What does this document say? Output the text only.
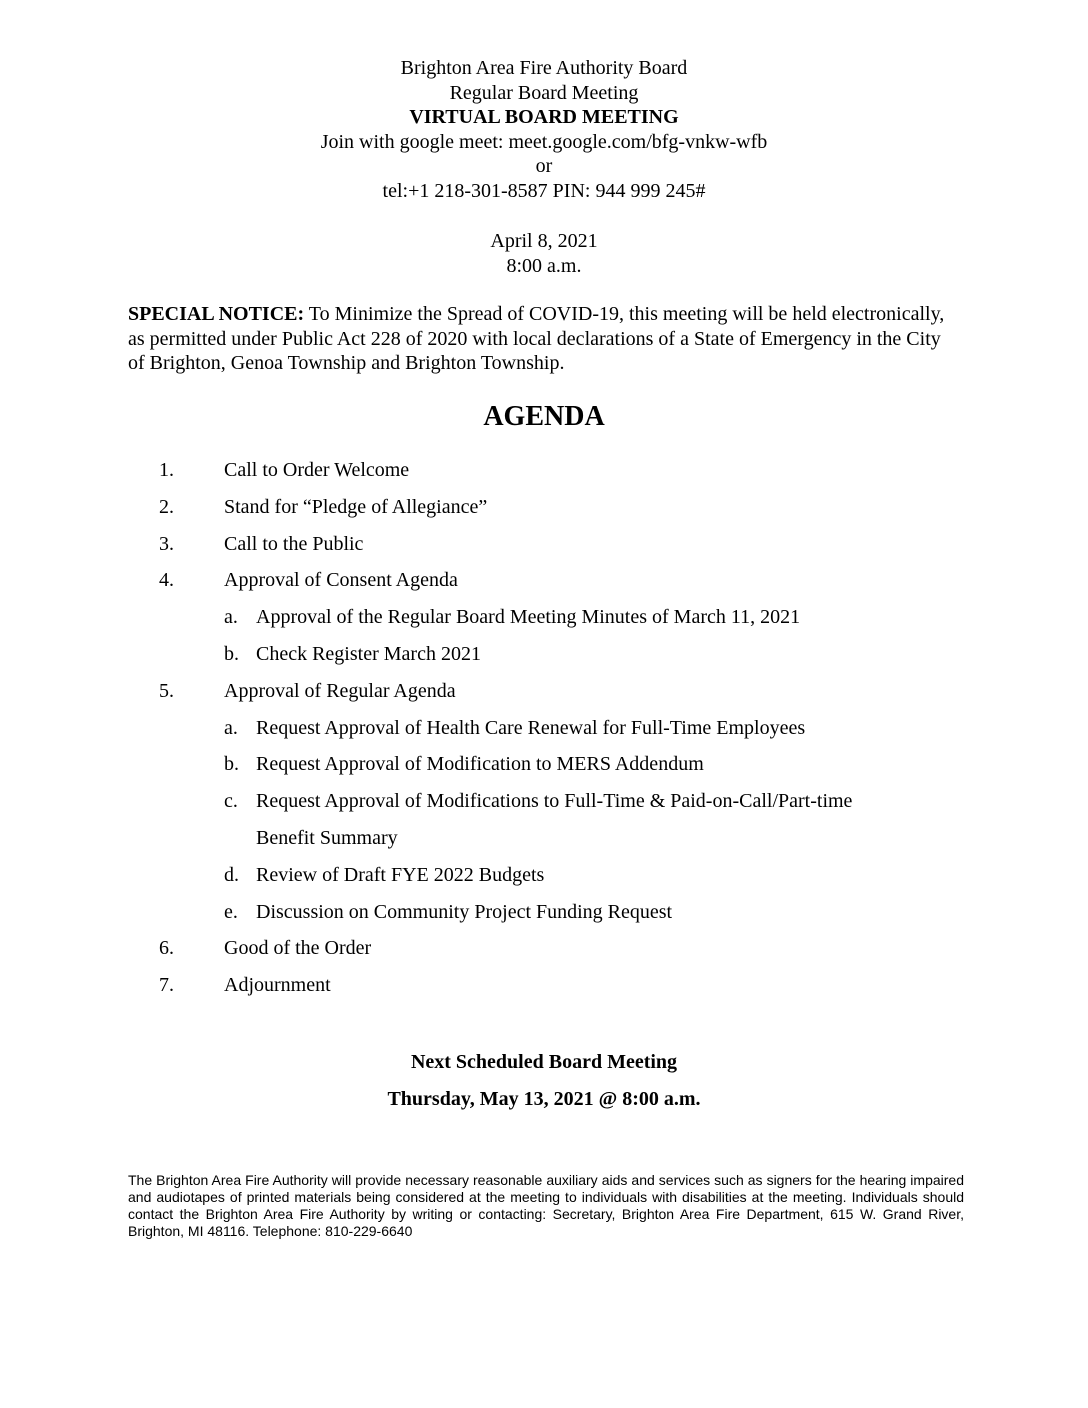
Brighton Area Fire Authority Board
Regular Board Meeting
VIRTUAL BOARD MEETING
Join with google meet: meet.google.com/bfg-vnkw-wfb
or
tel:+1 218-301-8587 PIN: 944 999 245#
April 8, 2021
8:00 a.m.
SPECIAL NOTICE: To Minimize the Spread of COVID-19, this meeting will be held electronically, as permitted under Public Act 228 of 2020 with local declarations of a State of Emergency in the City of Brighton, Genoa Township and Brighton Township.
AGENDA
1.	Call to Order Welcome
2.	Stand for “Pledge of Allegiance”
3.	Call to the Public
4.	Approval of Consent Agenda
a. Approval of the Regular Board Meeting Minutes of March 11, 2021
b. Check Register March 2021
5.	Approval of Regular Agenda
a. Request Approval of Health Care Renewal for Full-Time Employees
b. Request Approval of Modification to MERS Addendum
c. Request Approval of Modifications to Full-Time & Paid-on-Call/Part-time
Benefit Summary
d. Review of Draft FYE 2022 Budgets
e. Discussion on Community Project Funding Request
6.	Good of the Order
7.	Adjournment
Next Scheduled Board Meeting
Thursday, May 13, 2021 @ 8:00 a.m.
The Brighton Area Fire Authority will provide necessary reasonable auxiliary aids and services such as signers for the hearing impaired and audiotapes of printed materials being considered at the meeting to individuals with disabilities at the meeting. Individuals should contact the Brighton Area Fire Authority by writing or contacting: Secretary, Brighton Area Fire Department, 615 W. Grand River, Brighton, MI 48116. Telephone: 810-229-6640
